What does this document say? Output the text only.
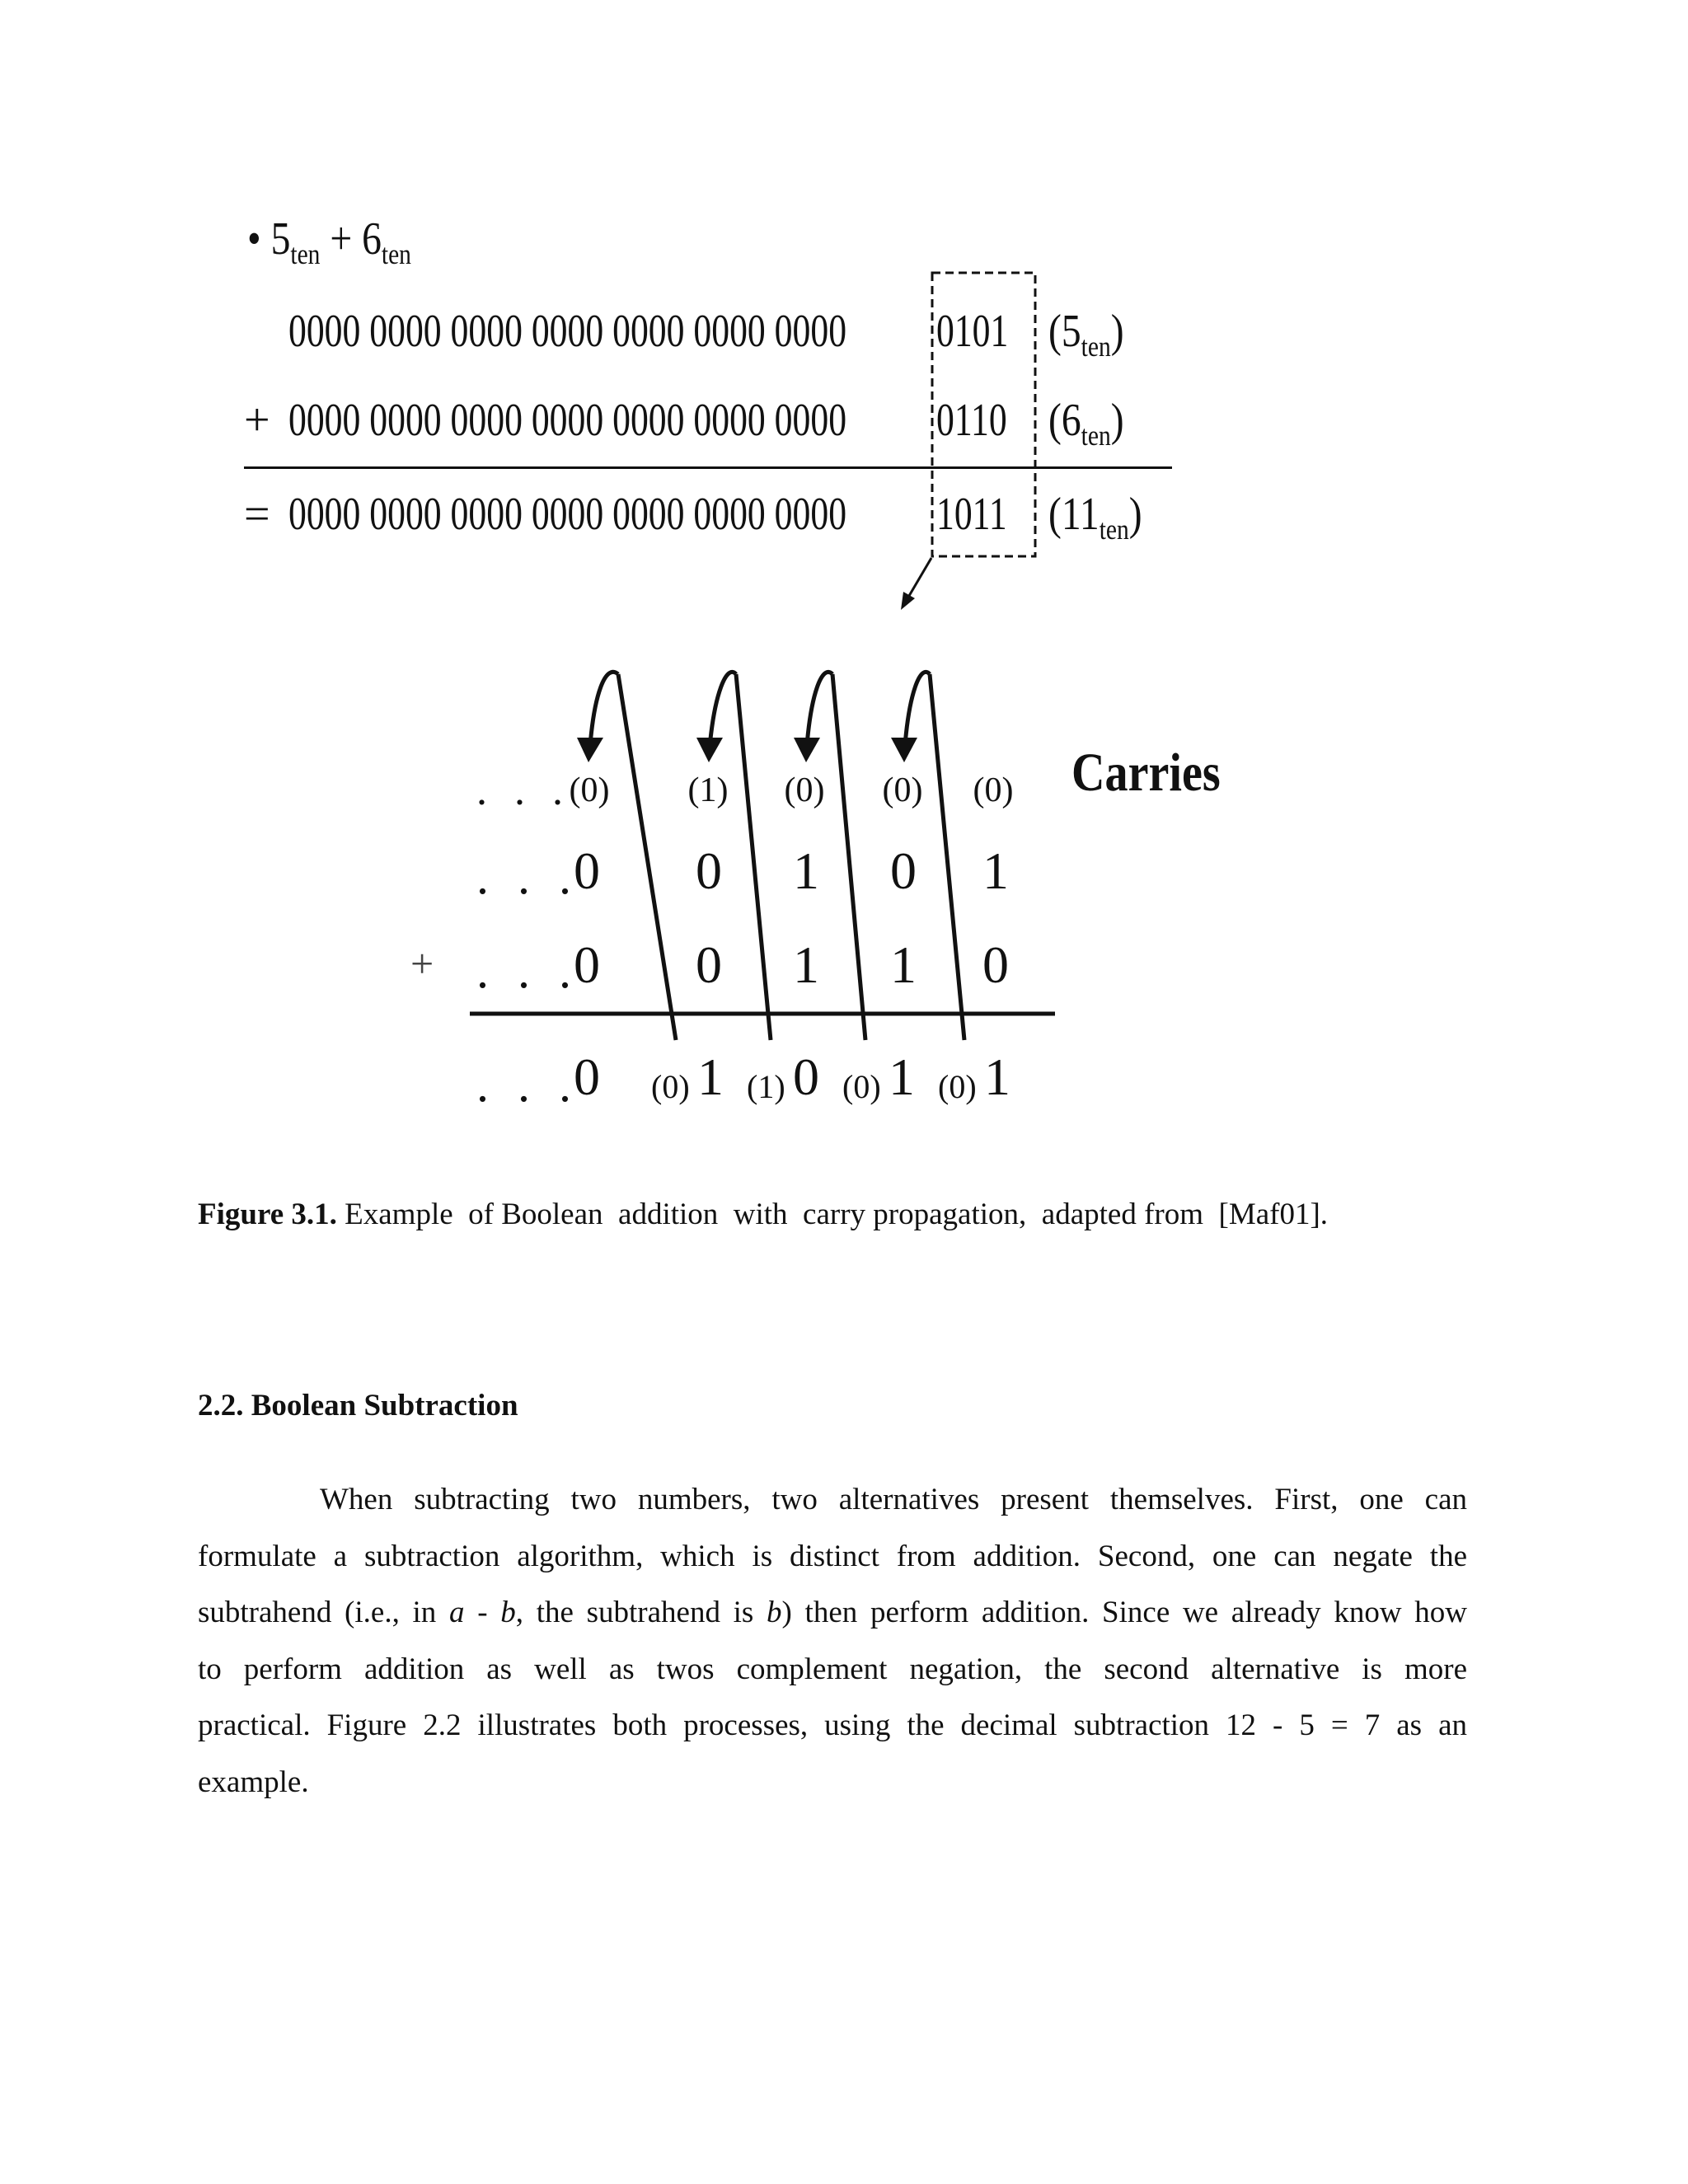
• $5_{ten} + 6_{ten}$
0000 0000 0000 0000 0000 0000 0000 0101 $(5_{ten})$
+ 0000 0000 0000 0000 0000 0000 0000 0110 $(6_{ten})$
= 0000 0000 0000 0000 0000 0000 0000 1011 $(11_{ten})$
. . .
(0) (1) (0) (0) (0) Carries
. . .
0 0 1 0 1
+ . . .
0 0 1 1 0
. . .
0	(0) 1 (1) 0 (0) 1 (0) 1
Figure 3.1. Example  of Boolean  addition  with  carry propagation,  adapted from  [Maf01].
2.2. Boolean Subtraction
When subtracting two numbers, two alternatives present themselves. First, one can
formulate a subtraction algorithm, which is distinct from addition. Second, one can negate the
subtrahend (i.e., in a - b, the subtrahend is b) then perform addition. Since we already know how
to perform addition as well as twos complement negation, the second alternative is more
practical. Figure 2.2 illustrates both processes, using the decimal subtraction 12 - 5 = 7 as an
example.
